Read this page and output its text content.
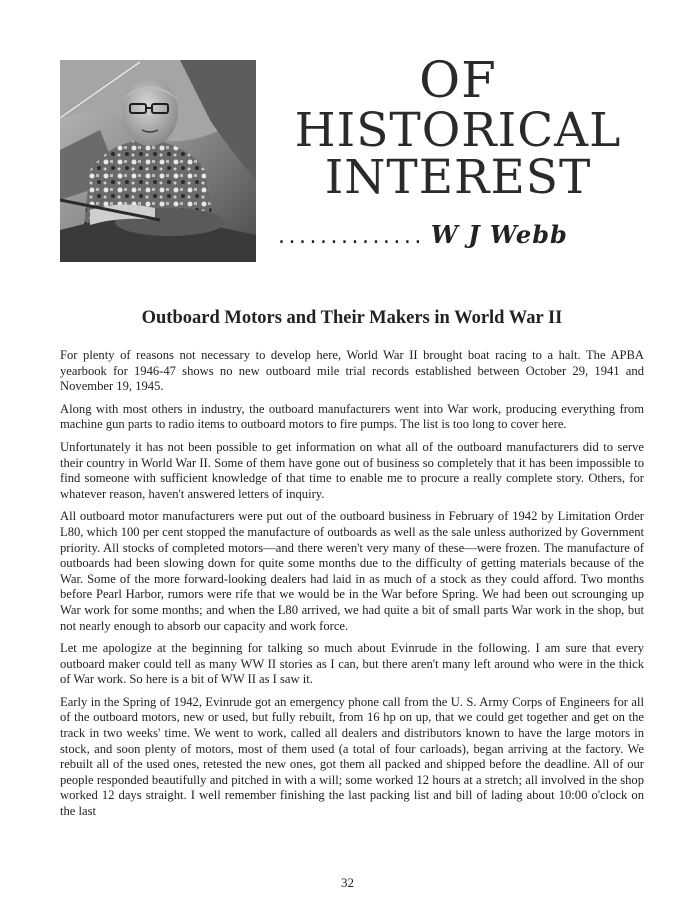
OF
HISTORICAL
INTEREST
.............. W J Webb
Outboard Motors and Their Makers in World War II

For plenty of reasons not necessary to develop here, World War II brought boat racing to a halt. The APBA yearbook for 1946-47 shows no new outboard mile trial records established between October 29, 1941 and November 19, 1945.

Along with most others in industry, the outboard manufacturers went into War work, producing everything from machine gun parts to radio items to outboard motors to fire pumps. The list is too long to cover here.

Unfortunately it has not been possible to get information on what all of the outboard manufacturers did to serve their country in World War II. Some of them have gone out of business so completely that it has been impossible to find someone with sufficient knowledge of that time to enable me to procure a really complete story. Others, for whatever reason, haven't answered letters of inquiry.

All outboard motor manufacturers were put out of the outboard business in February of 1942 by Limitation Order L80, which 100 per cent stopped the manufacture of outboards as well as the sale unless authorized by Government priority. All stocks of completed motors—and there weren't very many of these—were frozen. The manufacture of outboards had been slowing down for quite some months due to the difficulty of getting materials because of the War. Some of the more forward-looking dealers had laid in as much of a stock as they could afford. Two months before Pearl Harbor, rumors were rife that we would be in the War before Spring. We had been out scrounging up War work for some months; and when the L80 arrived, we had quite a bit of small parts War work in the shop, but not nearly enough to absorb our capacity and work force.

Let me apologize at the beginning for talking so much about Evinrude in the following. I am sure that every outboard maker could tell as many WW II stories as I can, but there aren't many left around who were in the thick of War work. So here is a bit of WW II as I saw it.

Early in the Spring of 1942, Evinrude got an emergency phone call from the U. S. Army Corps of Engineers for all of the outboard motors, new or used, but fully rebuilt, from 16 hp on up, that we could get together and get on the track in two weeks' time. We went to work, called all dealers and distributors known to have the large motors in stock, and soon plenty of motors, most of them used (a total of four carloads), began arriving at the factory. We rebuilt all of the used ones, retested the new ones, got them all packed and shipped before the deadline. All of our people responded beautifully and pitched in with a will; some worked 12 hours at a stretch; all involved in the shop worked 12 days straight. I well remember finishing the last packing list and bill of lading about 10:00 o'clock on the last

32
